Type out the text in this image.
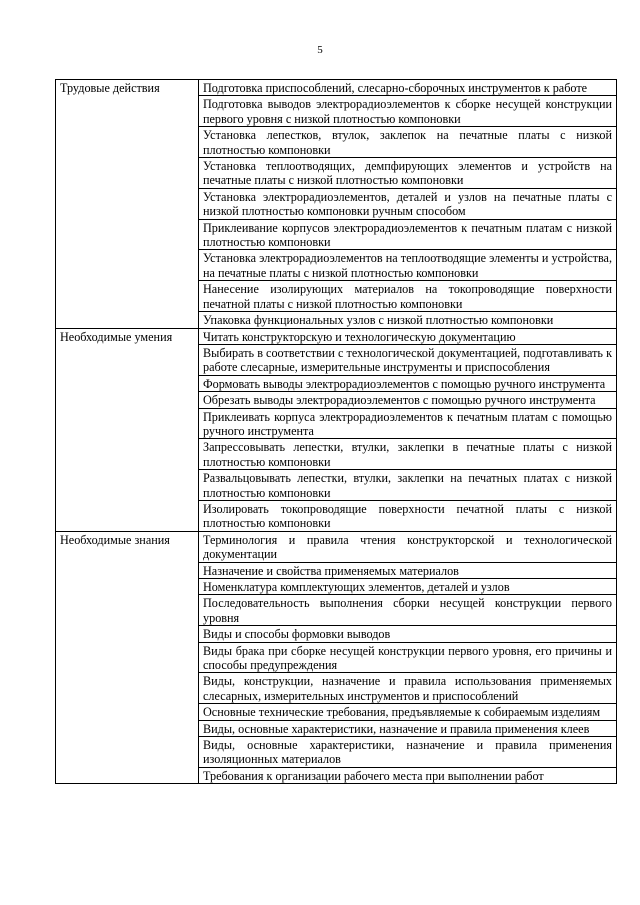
5
Трудовые действия	Подготовка приспособлений, слесарно-сборочных инструментов к работе
	Подготовка выводов электрорадиоэлементов к сборке несущей конструкции первого уровня с низкой плотностью компоновки
	Установка лепестков, втулок, заклепок на печатные платы с низкой плотностью компоновки
	Установка теплоотводящих, демпфирующих элементов и устройств на печатные платы с низкой плотностью компоновки
	Установка электрорадиоэлементов, деталей и узлов на печатные платы с низкой плотностью компоновки ручным способом
	Приклеивание корпусов электрорадиоэлементов к печатным платам с низкой плотностью компоновки
	Установка электрорадиоэлементов на теплоотводящие элементы и устройства, на печатные платы с низкой плотностью компоновки
	Нанесение изолирующих материалов на токопроводящие поверхности печатной платы с низкой плотностью компоновки
	Упаковка функциональных узлов с низкой плотностью компоновки
Необходимые умения	Читать конструкторскую и технологическую документацию
	Выбирать в соответствии с технологической документацией, подготавливать к работе слесарные, измерительные инструменты и приспособления
	Формовать выводы электрорадиоэлементов с помощью ручного инструмента
	Обрезать выводы электрорадиоэлементов с помощью ручного инструмента
	Приклеивать корпуса электрорадиоэлементов к печатным платам с помощью ручного инструмента
	Запрессовывать лепестки, втулки, заклепки в печатные платы с низкой плотностью компоновки
	Развальцовывать лепестки, втулки, заклепки на печатных платах с низкой плотностью компоновки
	Изолировать токопроводящие поверхности печатной платы с низкой плотностью компоновки
Необходимые знания	Терминология и правила чтения конструкторской и технологической документации
	Назначение и свойства применяемых материалов
	Номенклатура комплектующих элементов, деталей и узлов
	Последовательность выполнения сборки несущей конструкции первого уровня
	Виды и способы формовки выводов
	Виды брака при сборке несущей конструкции первого уровня, его причины и способы предупреждения
	Виды, конструкции, назначение и правила использования применяемых слесарных, измерительных инструментов и приспособлений
	Основные технические требования, предъявляемые к собираемым изделиям
	Виды, основные характеристики, назначение и правила применения клеев
	Виды, основные характеристики, назначение и правила применения изоляционных материалов
	Требования к организации рабочего места при выполнении работ
